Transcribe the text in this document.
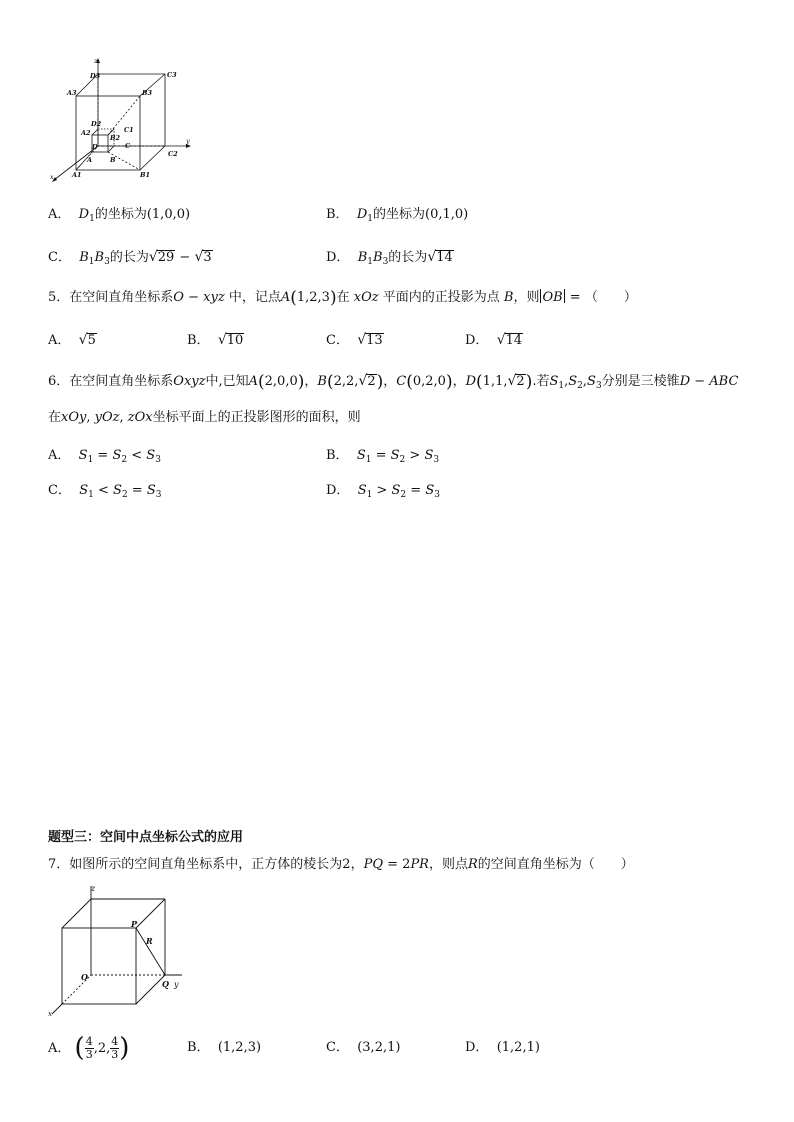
z
y
x
D3	C3
A3	B3
D2
C1
A2
B2
D	C
A	B
A1	B1
C2
A． $D_1$的坐标为(1,0,0)	B． $D_1$的坐标为(0,1,0)
C． $B_1B_3$的长为√29 − √3	D． $B_1B_3$的长为√14
5．在空间直角坐标系O − xyz 中，记点A(1,2,3)在 xOz 平面内的正投影为点 B，则 OB = （　　）
A． √5	B． √10	C． √13	D． √14
6．在空间直角坐标系Oxyz中,已知A(2,0,0)，B(2,2,√2)，C(0,2,0)，D(1,1,√2).若$S_1,S_2,S_3$分别是三棱锥D − ABC
在xOy, yOz, zOx坐标平面上的正投影图形的面积，则
A． $S_1 = S_2 < S_3$	B． $S_1 = S_2 > S_3$
C． $S_1 < S_2 = S_3$	D． $S_1 > S_2 = S_3$
题型三：空间中点坐标公式的应用
7．如图所示的空间直角坐标系中，正方体的棱长为2，PQ = 2PR，则点R的空间直角坐标为（　　）
z
P
R
O
Q y
x
A． ( $\frac{4}{3} ,2$, $\frac{4}{3}$ )	B． (1,2,3)	C． (3,2,1)	D． (1,2,1)
